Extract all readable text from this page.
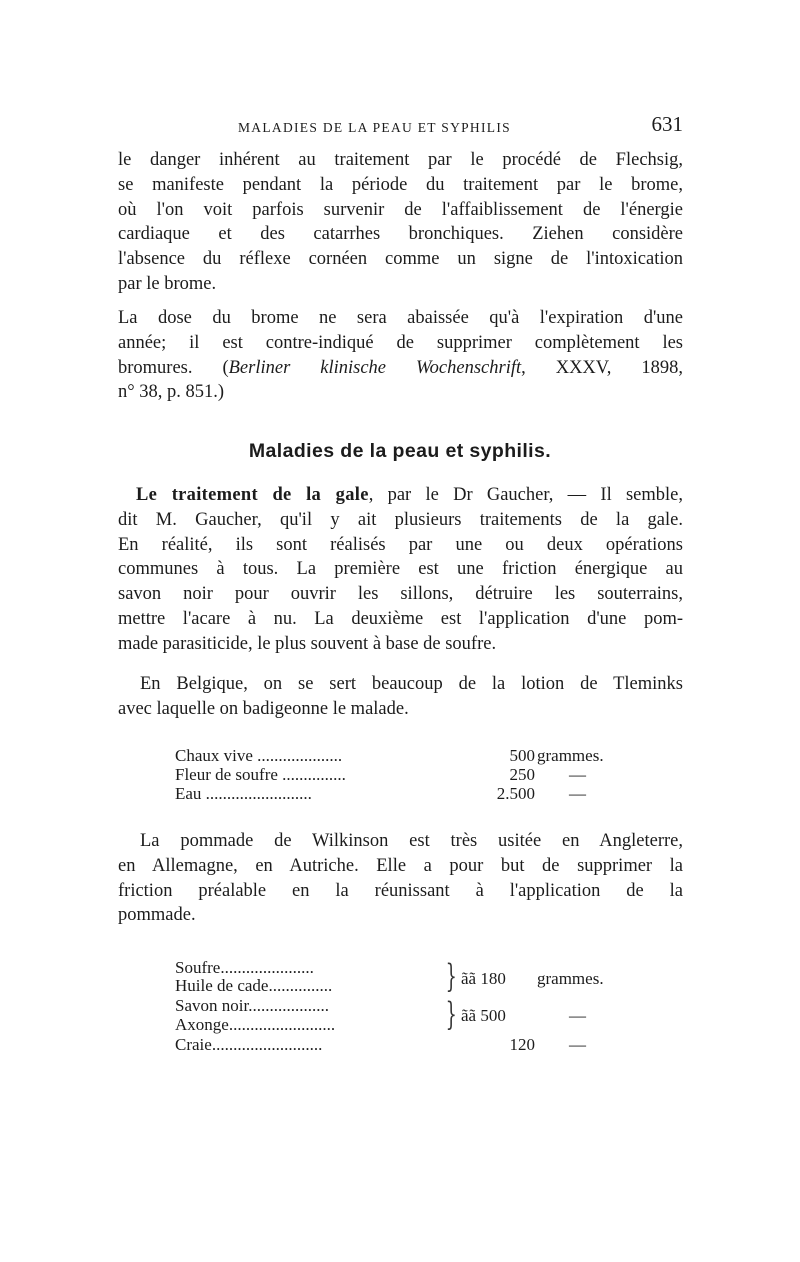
MALADIES DE LA PEAU ET SYPHILIS	631

le danger inhérent au traitement par le procédé de Flechsig,
se manifeste pendant la période du traitement par le brome,
où l'on voit parfois survenir de l'affaiblissement de l'énergie
cardiaque et des catarrhes bronchiques. Ziehen considère
l'absence du réflexe cornéen comme un signe de l'intoxication
par le brome.

La dose du brome ne sera abaissée qu'à l'expiration d'une
année; il est contre-indiqué de supprimer complètement les
bromures. (Berliner klinische Wochenschrift, XXXV, 1898,
n° 38, p. 851.)

Maladies de la peau et syphilis.

Le traitement de la gale, par le Dr Gaucher, — Il semble,
dit M. Gaucher, qu'il y ait plusieurs traitements de la gale.
En réalité, ils sont réalisés par une ou deux opérations
communes à tous. La première est une friction énergique au
savon noir pour ouvrir les sillons, détruire les souterrains,
mettre l'acare à nu. La deuxième est l'application d'une pom-
made parasiticide, le plus souvent à base de soufre.

En Belgique, on se sert beaucoup de la lotion de Tleminks
avec laquelle on badigeonne le malade.

Chaux vive ....................	500 grammes.
Fleur de soufre ...............	250 —
Eau .........................	2.500 —

La pommade de Wilkinson est très usitée en Angleterre,
en Allemagne, en Autriche. Elle a pour but de supprimer la
friction préalable en la réunissant à l'application de la
pommade.

Soufre......................
Huile de cade...............	} ãã 180 grammes.
Savon noir...................
Axonge.........................	} ãã 500	—
Craie..........................	120 —
